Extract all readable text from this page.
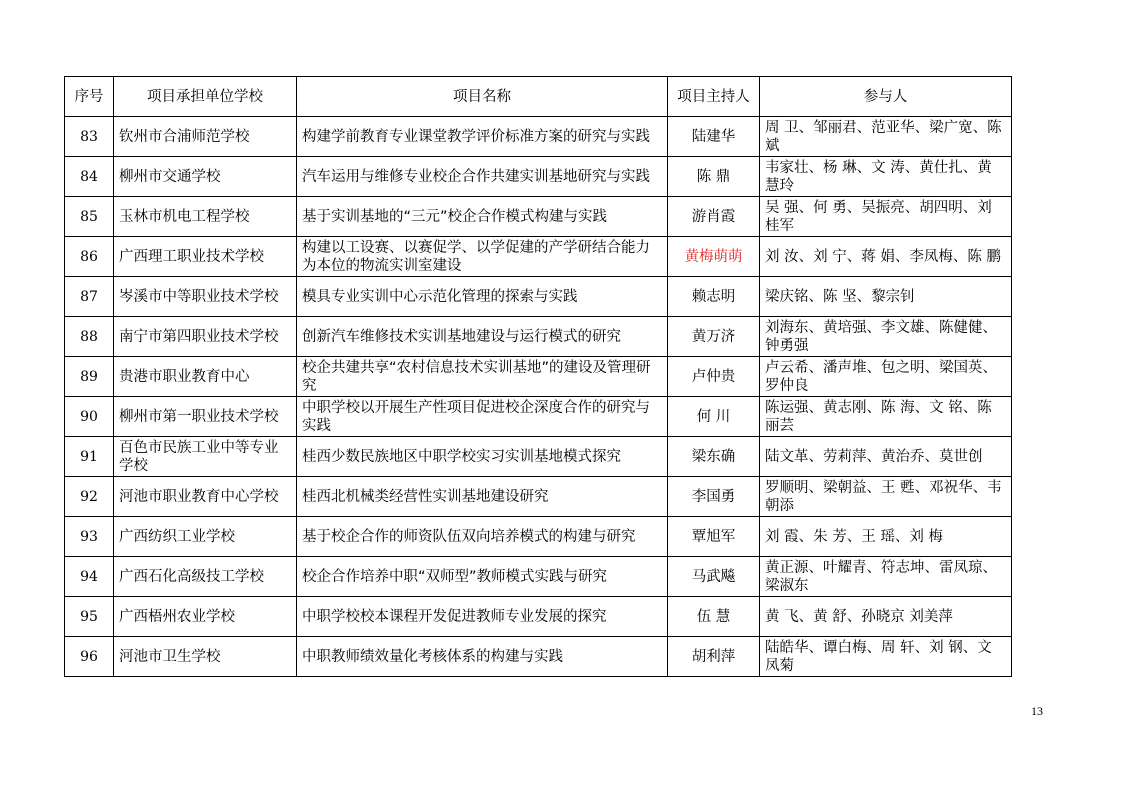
序号	项目承担单位学校	项目名称	项目主持人	参与人
83	钦州市合浦师范学校	构建学前教育专业课堂教学评价标准方案的研究与实践	陆建华	周 卫、邹丽君、范亚华、梁广宽、陈 斌
84	柳州市交通学校	汽车运用与维修专业校企合作共建实训基地研究与实践	陈 鼎	韦家壮、杨 琳、文 涛、黄仕扎、黄慧玲
85	玉林市机电工程学校	基于实训基地的“三元”校企合作模式构建与实践	游肖霞	吴 强、何 勇、吴振亮、胡四明、刘桂军
86	广西理工职业技术学校	构建以工设赛、以赛促学、以学促建的产学研结合能力为本位的物流实训室建设	黄梅萌萌	刘 汝、刘 宁、蒋 娟、李凤梅、陈 鹏
87	岑溪市中等职业技术学校	模具专业实训中心示范化管理的探索与实践	赖志明	梁庆铭、陈 坚、黎宗钊
88	南宁市第四职业技术学校	创新汽车维修技术实训基地建设与运行模式的研究	黄万济	刘海东、黄培强、李文雄、陈健健、钟勇强
89	贵港市职业教育中心	校企共建共享“农村信息技术实训基地”的建设及管理研究	卢仲贵	卢云希、潘声堆、包之明、梁国英、罗仲良
90	柳州市第一职业技术学校	中职学校以开展生产性项目促进校企深度合作的研究与实践	何 川	陈运强、黄志刚、陈 海、文 铭、陈丽芸
91	百色市民族工业中等专业学校	桂西少数民族地区中职学校实习实训基地模式探究	梁东确	陆文革、劳莉萍、黄治乔、莫世创
92	河池市职业教育中心学校	桂西北机械类经营性实训基地建设研究	李国勇	罗顺明、梁朝益、王 甦、邓祝华、韦朝添
93	广西纺织工业学校	基于校企合作的师资队伍双向培养模式的构建与研究	覃旭军	刘 霞、朱 芳、王 瑶、刘 梅
94	广西石化高级技工学校	校企合作培养中职“双师型”教师模式实践与研究	马武飚	黄正源、叶耀青、符志坤、雷凤琼、梁淑东
95	广西梧州农业学校	中职学校校本课程开发促进教师专业发展的探究	伍 慧	黄 飞、黄 舒、孙晓京 刘美萍
96	河池市卫生学校	中职教师绩效量化考核体系的构建与实践	胡利萍	陆皓华、谭白梅、周 轩、刘 钢、文凤菊
13
